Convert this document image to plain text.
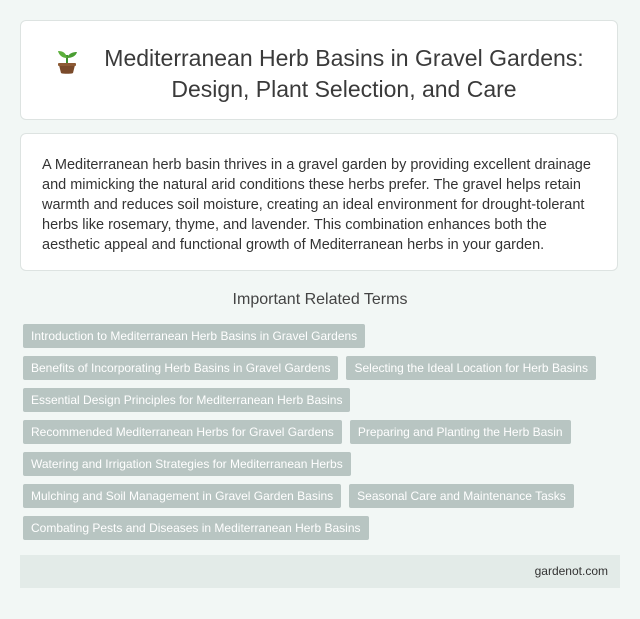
Mediterranean Herb Basins in Gravel Gardens: Design, Plant Selection, and Care

A Mediterranean herb basin thrives in a gravel garden by providing excellent drainage and mimicking the natural arid conditions these herbs prefer. The gravel helps retain warmth and reduces soil moisture, creating an ideal environment for drought-tolerant herbs like rosemary, thyme, and lavender. This combination enhances both the aesthetic appeal and functional growth of Mediterranean herbs in your garden.

Important Related Terms
Introduction to Mediterranean Herb Basins in Gravel Gardens
Benefits of Incorporating Herb Basins in Gravel Gardens	Selecting the Ideal Location for Herb Basins
Essential Design Principles for Mediterranean Herb Basins
Recommended Mediterranean Herbs for Gravel Gardens	Preparing and Planting the Herb Basin
Watering and Irrigation Strategies for Mediterranean Herbs
Mulching and Soil Management in Gravel Garden Basins	Seasonal Care and Maintenance Tasks
Combating Pests and Diseases in Mediterranean Herb Basins
gardenot.com
